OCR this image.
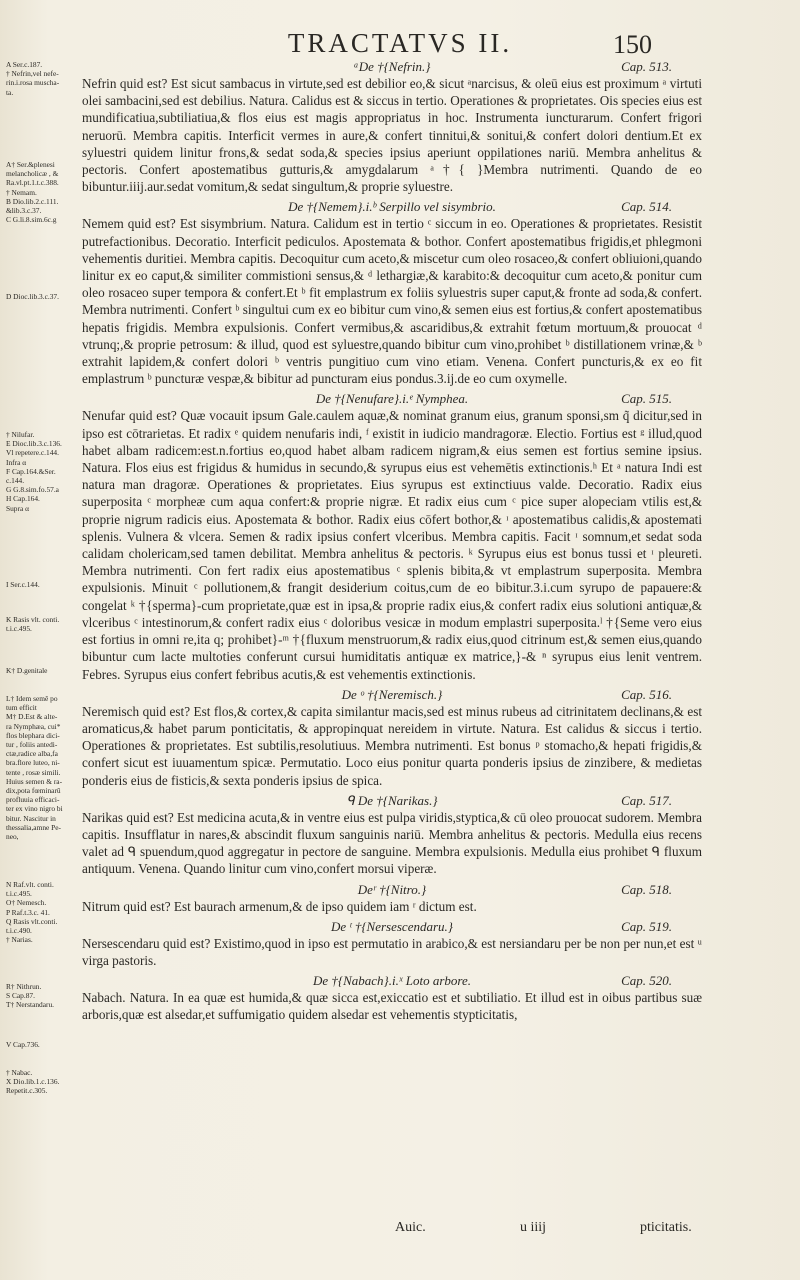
TRACTATVS II.	150
A Ser.c.187.
† Nefrin,vel nefe-
rin.i.rosa muscha-
ta.
A† Ser.&plenesi
melancholicæ , &
Ra.vl.pt.1.t.c.388.
† Nemam.
B Dio.lib.2.c.111.
&lib.3.c.37.
C G.li.8.sim.6c.g
D Dioc.lib.3.c.37.
† Nilufar.
E Dioc.lib.3.c.136.
Vl repetere.c.144.
Infra α
F Cap.164.&Ser.
c.144.
G G.8.sim.fo.57.a
H Cap.164.
Supra α
I Ser.c.144.
K Rasis vlt. conti.
t.i.c.495.
K† D.genitale
L† Idem semê po
tum efficit
M† D.Est & alte-
ra Nymphæa, cui*
flos blephara dici-
tur , foliis antedi-
ctæ,radice alba,fa
bra.flore luteo, ni-
tente , rosæ simili.
Huius semen & ra-
dix,pota fœminarū
profluuia efficaci-
ter ex vino nigro bi
bitur. Nascitur in
thessalia,amne Pe-
neo,
N Raf.vlt. conti.
t.i.c.495.
O† Nemesch.
P Raf.t.3.c. 41.
Q Rasis vlt.conti.
t.i.c.490.
† Narias.
R† Nithrun.
S Cap.87.
T† Nerstandaru.
V Cap.736.
† Nabac.
X Dio.lib.1.c.136.
Repetit.c.305.
ᵃDe †{Nefrin.}	Cap. 513.

Nefrin quid est? Est sicut sambacus in virtute,sed est debilior eo,& sicut ᵃnarcisus, & oleū eius est proximum ᵃ virtuti olei sambacini,sed est debilius. Natura. Calidus est & siccus in tertio. Operationes & proprietates. Ois species eius est mundificatiua,subtiliatiua,& flos eius est magis appropriatus in hoc. Instrumenta iuncturarum. Confert frigori neruorū. Membra capitis. Interficit vermes in aure,& confert tinnitui,& sonitui,& confert dolori dentium.Et ex syluestri quidem linitur frons,& sedat soda,& species ipsius aperiunt oppilationes nariū. Membra anhelitus & pectoris. Confert apostematibus gutturis,& amygdalarum ᵃ†{ }Membra nutrimenti. Quando de eo bibuntur.iiij.aur.sedat vomitum,& sedat singultum,& proprie syluestre.

De †{Nemem}.i.ᵇ Serpillo vel sisymbrio.	Cap. 514.

Nemem quid est? Est sisymbrium. Natura. Calidum est in tertio ᶜ siccum in eo. Operationes & proprietates. Resistit putrefactionibus. Decoratio. Interficit pediculos. Apostemata & bothor. Confert apostematibus frigidis,et phlegmoni vehementis duritiei. Membra capitis. Decoquitur cum aceto,& miscetur cum oleo rosaceo,& confert obliuioni,quando linitur ex eo caput,& similiter commistioni sensus,& ᵈ lethargiæ,& karabito:& decoquitur cum aceto,& ponitur cum oleo rosaceo super tempora & confert.Et ᵇ fit emplastrum ex foliis syluestris super caput,& fronte ad soda,& confert. Membra nutrimenti. Confert ᵇ singultui cum ex eo bibitur cum vino,& semen eius est fortius,& confert apostematibus hepatis frigidis. Membra expulsionis. Confert vermibus,& ascaridibus,& extrahit fœtum mortuum,& prouocat ᵈ vtrunq;,& proprie petrosum: & illud, quod est syluestre,quando bibitur cum vino,prohibet ᵇ distillationem vrinæ,& ᵇ extrahit lapidem,& confert dolori ᵇ ventris pungitiuo cum vino etiam. Venena. Confert puncturis,& ex eo fit emplastrum ᵇ puncturæ vespæ,& bibitur ad puncturam eius pondus.3.ij.de eo cum oxymelle.

De †{Nenufare}.i.ᵉ Nymphea.	Cap. 515.

Nenufar quid est? Quæ vocauit ipsum Gale.caulem aquæ,& nominat granum eius, granum sponsi,sm q̃ dicitur,sed in ipso est cōtrarietas. Et radix ᵉ quidem nenufaris indi, ᶠ existit in iudicio mandragoræ. Electio. Fortius est ᵍ illud,quod habet albam radicem:est.n.fortius eo,quod habet albam radicem nigram,& eius semen est fortius semine ipsius. Natura. Flos eius est frigidus & humidus in secundo,& syrupus eius est vehemētis extinctionis.ʰ Et ᵃ natura Indi est natura man dragoræ. Operationes & proprietates. Eius syrupus est extinctiuus valde. Decoratio. Radix eius superposita ᶜ morpheæ cum aqua confert:& proprie nigræ. Et radix eius cum ᶜ pice super alopeciam vtilis est,& proprie nigrum radicis eius. Apostemata & bothor. Radix eius cōfert bothor,& ᶦ apostematibus calidis,& apostemati splenis. Vulnera & vlcera. Semen & radix ipsius confert vlceribus. Membra capitis. Facit ᶦ somnum,et sedat soda calidam cholericam,sed tamen debilitat. Membra anhelitus & pectoris. ᵏ Syrupus eius est bonus tussi et ᶦ pleureti. Membra nutrimenti. Con fert radix eius apostematibus ᶜ splenis bibita,& vt emplastrum superposita. Membra expulsionis. Minuit ᶜ pollutionem,& frangit desiderium coitus,cum de eo bibitur.3.i.cum syrupo de papauere:& congelat ᵏ †{sperma}-cum proprietate,quæ est in ipsa,& proprie radix eius,& confert radix eius solutioni antiquæ,& vlceribus ᶜ intestinorum,& confert radix eius ᶜ doloribus vesicæ in modum emplastri superposita.ˡ †{Seme vero eius est fortius in omni re,ita q; prohibet}-ᵐ †{fluxum menstruorum,& radix eius,quod citrinum est,& semen eius,quando bibuntur cum lacte multoties conferunt cursui humiditatis antiquæ ex matrice,}-& ⁿ syrupus eius lenit ventrem. Febres. Syrupus eius confert febribus acutis,& est vehementis extinctionis.

De ᵒ †{Neremisch.}	Cap. 516.

Neremisch quid est? Est flos,& cortex,& capita similantur macis,sed est minus rubeus ad citrinitatem declinans,& est aromaticus,& habet parum ponticitatis, & appropinquat nereidem in virtute. Natura. Est calidus & siccus i tertio. Operationes & proprietates. Est subtilis,resolutiuus. Membra nutrimenti. Est bonus ᵖ stomacho,& hepati frigidis,& confert sicut est iuuamentum spicæ. Permutatio. Loco eius ponitur quarta ponderis ipsius de zinzibere, & medietas ponderis eius de fisticis,& sexta ponderis ipsius de spica.

ᑫ De †{Narikas.}	Cap. 517.

Narikas quid est? Est medicina acuta,& in ventre eius est pulpa viridis,styptica,& cū oleo prouocat sudorem. Membra capitis. Insufflatur in nares,& abscindit fluxum sanguinis nariū. Membra anhelitus & pectoris. Medulla eius recens valet ad ᑫ spuendum,quod aggregatur in pectore de sanguine. Membra expulsionis. Medulla eius prohibet ᑫ fluxum antiquum. Venena. Quando linitur cum vino,confert morsui viperæ.

Deʳ †{Nitro.}	Cap. 518.

Nitrum quid est? Est baurach armenum,& de ipso quidem iam ʳ dictum est.

De ᵗ †{Nersescendaru.}	Cap. 519.

Nersescendaru quid est? Existimo,quod in ipso est permutatio in arabico,& est nersiandaru per be non per nun,et est ᵘ virga pastoris.

De †{Nabach}.i.ˣ Loto arbore.	Cap. 520.

Nabach. Natura. In ea quæ est humida,& quæ sicca est,exiccatio est et subtiliatio. Et illud est in oibus partibus suæ arboris,quæ est alsedar,et suffumigatio quidem alsedar est vehementis stypticitatis,

Auic.	u iiij	pticitatis.
